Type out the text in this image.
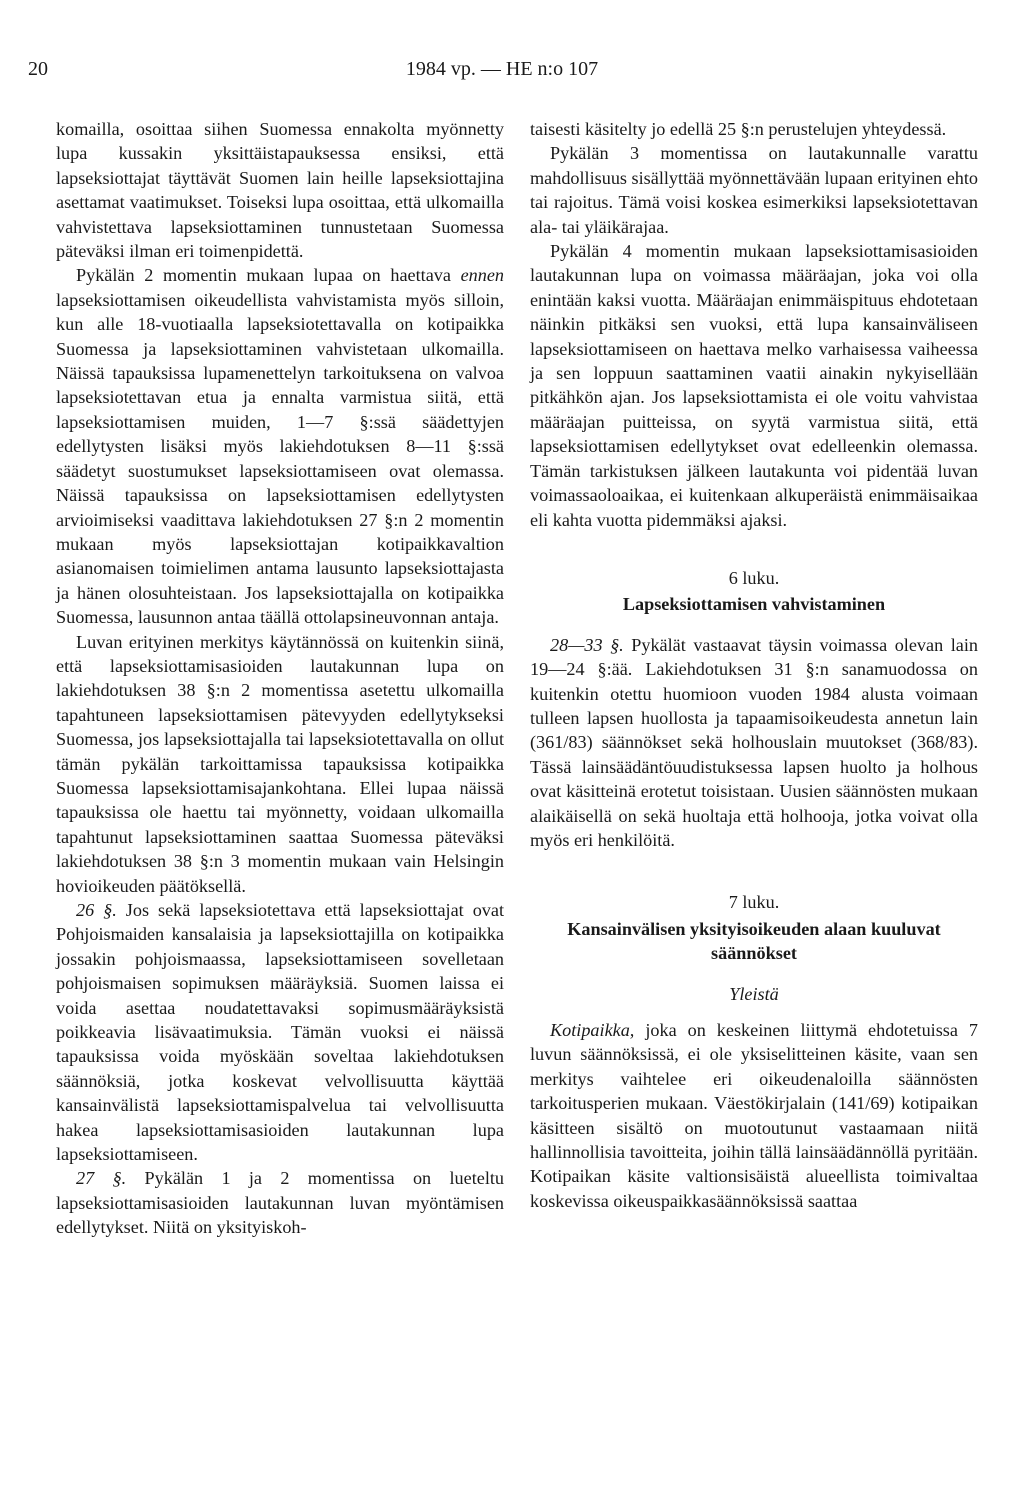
20	1984 vp. — HE n:o 107

komailla, osoittaa siihen Suomessa ennakolta myönnetty lupa kussakin yksittäistapauksessa ensiksi, että lapseksiottajat täyttävät Suomen lain heille lapseksiottajina asettamat vaatimukset. Toiseksi lupa osoittaa, että ulkomailla vahvistettava lapseksiottaminen tunnustetaan Suomessa päteväksi ilman eri toimenpidettä.

Pykälän 2 momentin mukaan lupaa on haettava ennen lapseksiottamisen oikeudellista vahvistamista myös silloin, kun alle 18-vuotiaalla lapseksiotettavalla on kotipaikka Suomessa ja lapseksiottaminen vahvistetaan ulkomailla. Näissä tapauksissa lupamenettelyn tarkoituksena on valvoa lapseksiotettavan etua ja ennalta varmistua siitä, että lapseksiottamisen muiden, 1—7 §:ssä säädettyjen edellytysten lisäksi myös lakiehdotuksen 8—11 §:ssä säädetyt suostumukset lapseksiottamiseen ovat olemassa. Näissä tapauksissa on lapseksiottamisen edellytysten arvioimiseksi vaadittava lakiehdotuksen 27 §:n 2 momentin mukaan myös lapseksiottajan kotipaikkavaltion asianomaisen toimielimen antama lausunto lapseksiottajasta ja hänen olosuhteistaan. Jos lapseksiottajalla on kotipaikka Suomessa, lausunnon antaa täällä ottolapsineuvonnan antaja.

Luvan erityinen merkitys käytännössä on kuitenkin siinä, että lapseksiottamisasioiden lautakunnan lupa on lakiehdotuksen 38 §:n 2 momentissa asetettu ulkomailla tapahtuneen lapseksiottamisen pätevyyden edellytykseksi Suomessa, jos lapseksiottajalla tai lapseksiotettavalla on ollut tämän pykälän tarkoittamissa tapauksissa kotipaikka Suomessa lapseksiottamisajankohtana. Ellei lupaa näissä tapauksissa ole haettu tai myönnetty, voidaan ulkomailla tapahtunut lapseksiottaminen saattaa Suomessa päteväksi lakiehdotuksen 38 §:n 3 momentin mukaan vain Helsingin hovioikeuden päätöksellä.

26 §. Jos sekä lapseksiotettava että lapseksiottajat ovat Pohjoismaiden kansalaisia ja lapseksiottajilla on kotipaikka jossakin pohjoismaassa, lapseksiottamiseen sovelletaan pohjoismaisen sopimuksen määräyksiä. Suomen laissa ei voida asettaa noudatettavaksi sopimusmääräyksistä poikkeavia lisävaatimuksia. Tämän vuoksi ei näissä tapauksissa voida myöskään soveltaa lakiehdotuksen säännöksiä, jotka koskevat velvollisuutta käyttää kansainvälistä lapseksiottamispalvelua tai velvollisuutta hakea lapseksiottamisasioiden lautakunnan lupa lapseksiottamiseen.

27 §. Pykälän 1 ja 2 momentissa on lueteltu lapseksiottamisasioiden lautakunnan luvan myöntämisen edellytykset. Niitä on yksityiskoh-

taisesti käsitelty jo edellä 25 §:n perustelujen yhteydessä.

Pykälän 3 momentissa on lautakunnalle varattu mahdollisuus sisällyttää myönnettävään lupaan erityinen ehto tai rajoitus. Tämä voisi koskea esimerkiksi lapseksiotettavan ala- tai yläikärajaa.

Pykälän 4 momentin mukaan lapseksiottamisasioiden lautakunnan lupa on voimassa määräajan, joka voi olla enintään kaksi vuotta. Määräajan enimmäispituus ehdotetaan näinkin pitkäksi sen vuoksi, että lupa kansainväliseen lapseksiottamiseen on haettava melko varhaisessa vaiheessa ja sen loppuun saattaminen vaatii ainakin nykyisellään pitkähkön ajan. Jos lapseksiottamista ei ole voitu vahvistaa määräajan puitteissa, on syytä varmistua siitä, että lapseksiottamisen edellytykset ovat edelleenkin olemassa. Tämän tarkistuksen jälkeen lautakunta voi pidentää luvan voimassaoloaikaa, ei kuitenkaan alkuperäistä enimmäisaikaa eli kahta vuotta pidemmäksi ajaksi.

6 luku.
Lapseksiottamisen vahvistaminen

28—33 §. Pykälät vastaavat täysin voimassa olevan lain 19—24 §:ää. Lakiehdotuksen 31 §:n sanamuodossa on kuitenkin otettu huomioon vuoden 1984 alusta voimaan tulleen lapsen huollosta ja tapaamisoikeudesta annetun lain (361/83) säännökset sekä holhouslain muutokset (368/83). Tässä lainsäädäntöuudistuksessa lapsen huolto ja holhous ovat käsitteinä erotetut toisistaan. Uusien säännösten mukaan alaikäisellä on sekä huoltaja että holhooja, jotka voivat olla myös eri henkilöitä.

7 luku.
Kansainvälisen yksityisoikeuden alaan kuuluvat säännökset
Yleistä

Kotipaikka, joka on keskeinen liittymä ehdotetuissa 7 luvun säännöksissä, ei ole yksiselitteinen käsite, vaan sen merkitys vaihtelee eri oikeudenaloilla säännösten tarkoitusperien mukaan. Väestökirjalain (141/69) kotipaikan käsitteen sisältö on muotoutunut vastaamaan niitä hallinnollisia tavoitteita, joihin tällä lainsäädännöllä pyritään. Kotipaikan käsite valtionsisäistä alueellista toimivaltaa koskevissa oikeuspaikkasäännöksissä saattaa
